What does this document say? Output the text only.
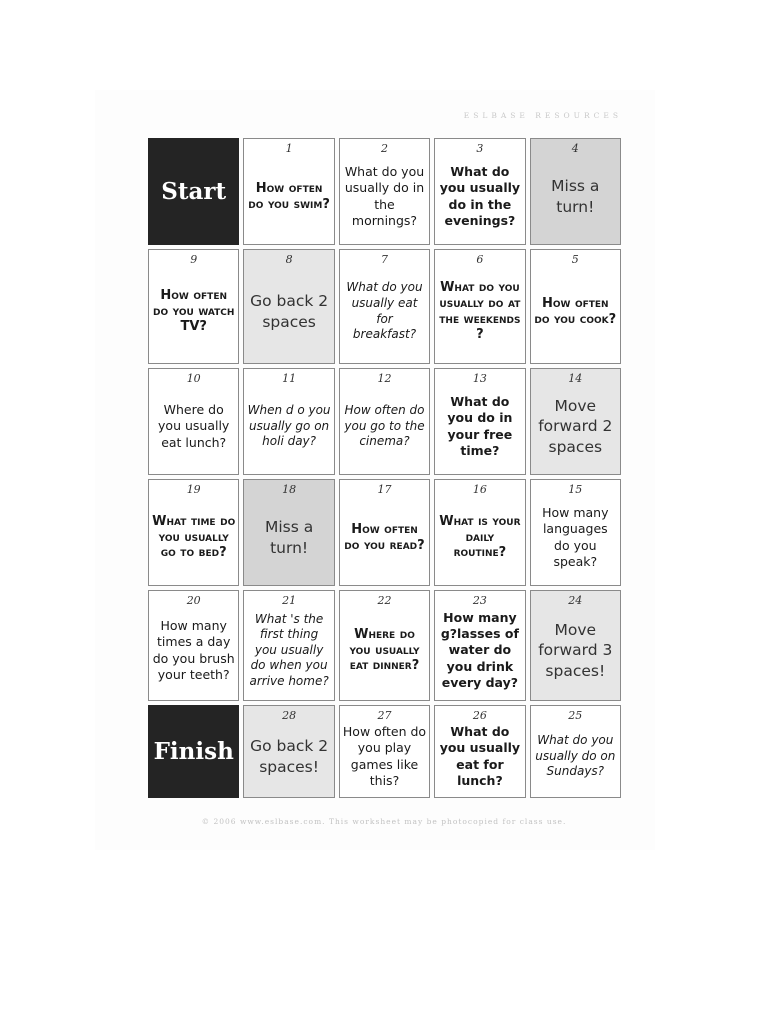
ESLBASE RESOURCES
Start
1
How often do you swim?
2
What do you usually do in the mornings?
3
What do you usually do in the evenings?
4
Miss a turn!
9
How often do you watch TV?
8
Go back 2 spaces
7
What do you usually eat for breakfast?
6
What do you usually do at the weekends ?
5
How often do you cook?
10
Where do you usually eat lunch?
11
When d o you usually go on holi day?
12
How often do you go to the cinema?
13
What do you do in your free time?
14
Move forward 2 spaces
19
What time do you usually go to bed?
18
Miss a turn!
17
How often do you read?
16
What is your daily routine?
15
How many languages do you speak?
20
How many times a day do you brush your teeth?
21
What 's the first thing you usually do when you arrive home?
22
Where do you usually eat dinner?
23
How many g?lasses of water do you drink every day?
24
Move forward 3 spaces!
Finish
28
Go back 2 spaces!
27
How often do you play games like this?
26
What do you usually eat for lunch?
25
What do you usually do on Sundays?
© 2006 www.eslbase.com. This worksheet may be photocopied for class use.
